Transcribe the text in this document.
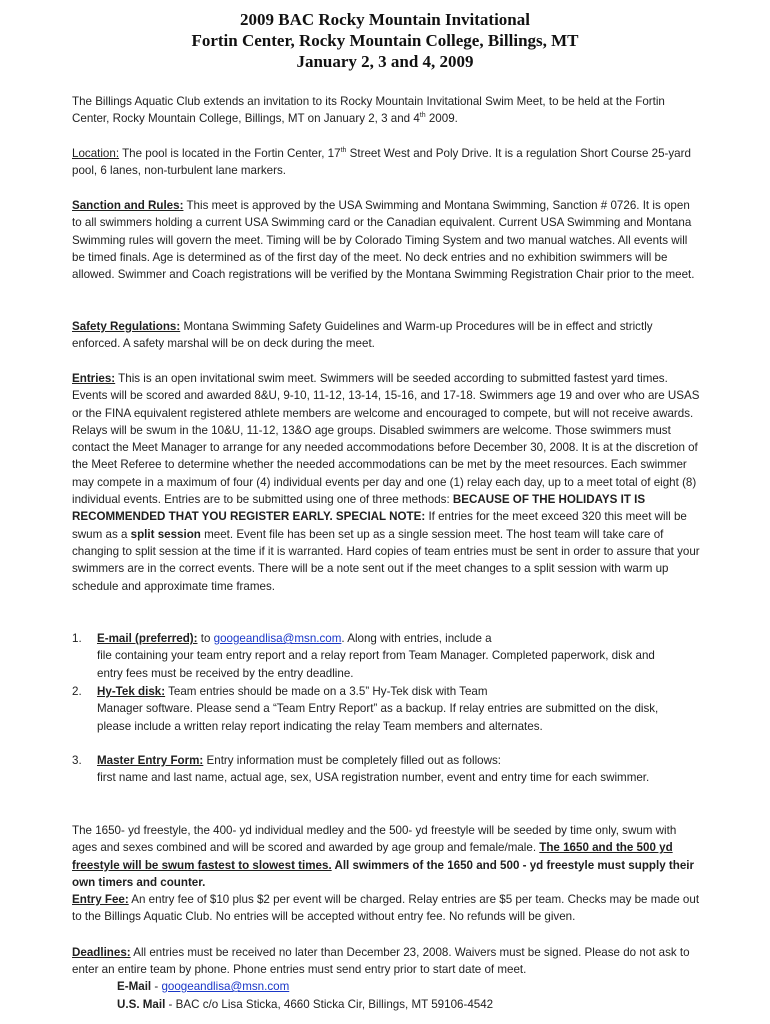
2009 BAC Rocky Mountain Invitational
Fortin Center, Rocky Mountain College, Billings, MT
January 2, 3 and 4, 2009
The Billings Aquatic Club extends an invitation to its Rocky Mountain Invitational Swim Meet, to be held at the Fortin Center, Rocky Mountain College, Billings, MT on January 2, 3 and 4th 2009.
Location: The pool is located in the Fortin Center, 17th Street West and Poly Drive. It is a regulation Short Course 25-yard pool, 6 lanes, non-turbulent lane markers.
Sanction and Rules: This meet is approved by the USA Swimming and Montana Swimming, Sanction # 0726. It is open to all swimmers holding a current USA Swimming card or the Canadian equivalent. Current USA Swimming and Montana Swimming rules will govern the meet. Timing will be by Colorado Timing System and two manual watches. All events will be timed finals. Age is determined as of the first day of the meet. No deck entries and no exhibition swimmers will be allowed. Swimmer and Coach registrations will be verified by the Montana Swimming Registration Chair prior to the meet.
Safety Regulations: Montana Swimming Safety Guidelines and Warm-up Procedures will be in effect and strictly enforced. A safety marshal will be on deck during the meet.
Entries: This is an open invitational swim meet. Swimmers will be seeded according to submitted fastest yard times. Events will be scored and awarded 8&U, 9-10, 11-12, 13-14, 15-16, and 17-18. Swimmers age 19 and over who are USAS or the FINA equivalent registered athlete members are welcome and encouraged to compete, but will not receive awards. Relays will be swum in the 10&U, 11-12, 13&O age groups. Disabled swimmers are welcome. Those swimmers must contact the Meet Manager to arrange for any needed accommodations before December 30, 2008. It is at the discretion of the Meet Referee to determine whether the needed accommodations can be met by the meet resources. Each swimmer may compete in a maximum of four (4) individual events per day and one (1) relay each day, up to a meet total of eight (8) individual events. Entries are to be submitted using one of three methods: BECAUSE OF THE HOLIDAYS IT IS RECOMMENDED THAT YOU REGISTER EARLY. SPECIAL NOTE: If entries for the meet exceed 320 this meet will be swum as a split session meet. Event file has been set up as a single session meet. The host team will take care of changing to split session at the time if it is warranted. Hard copies of team entries must be sent in order to assure that your swimmers are in the correct events. There will be a note sent out if the meet changes to a split session with warm up schedule and approximate time frames.
1.	E-mail (preferred): to googeandlisa@msn.com. Along with entries, include a
file containing your team entry report and a relay report from Team Manager. Completed paperwork, disk and entry fees must be received by the entry deadline.
2.	Hy-Tek disk: Team entries should be made on a 3.5” Hy-Tek disk with Team
Manager software. Please send a “Team Entry Report” as a backup. If relay entries are submitted on the disk, please include a written relay report indicating the relay Team members and alternates.
3.	Master Entry Form: Entry information must be completely filled out as follows:
first name and last name, actual age, sex, USA registration number, event and entry time for each swimmer.
The 1650- yd freestyle, the 400- yd individual medley and the 500- yd freestyle will be seeded by time only, swum with ages and sexes combined and will be scored and awarded by age group and female/male. The 1650 and the 500 yd freestyle will be swum fastest to slowest times. All swimmers of the 1650 and 500 - yd freestyle must supply their own timers and counter.
Entry Fee: An entry fee of $10 plus $2 per event will be charged. Relay entries are $5 per team. Checks may be made out to the Billings Aquatic Club. No entries will be accepted without entry fee. No refunds will be given.
Deadlines: All entries must be received no later than December 23, 2008. Waivers must be signed. Please do not ask to enter an entire team by phone. Phone entries must send entry prior to start date of meet.
E-Mail - googeandlisa@msn.com
U.S. Mail - BAC c/o Lisa Sticka, 4660 Sticka Cir, Billings, MT 59106-4542
